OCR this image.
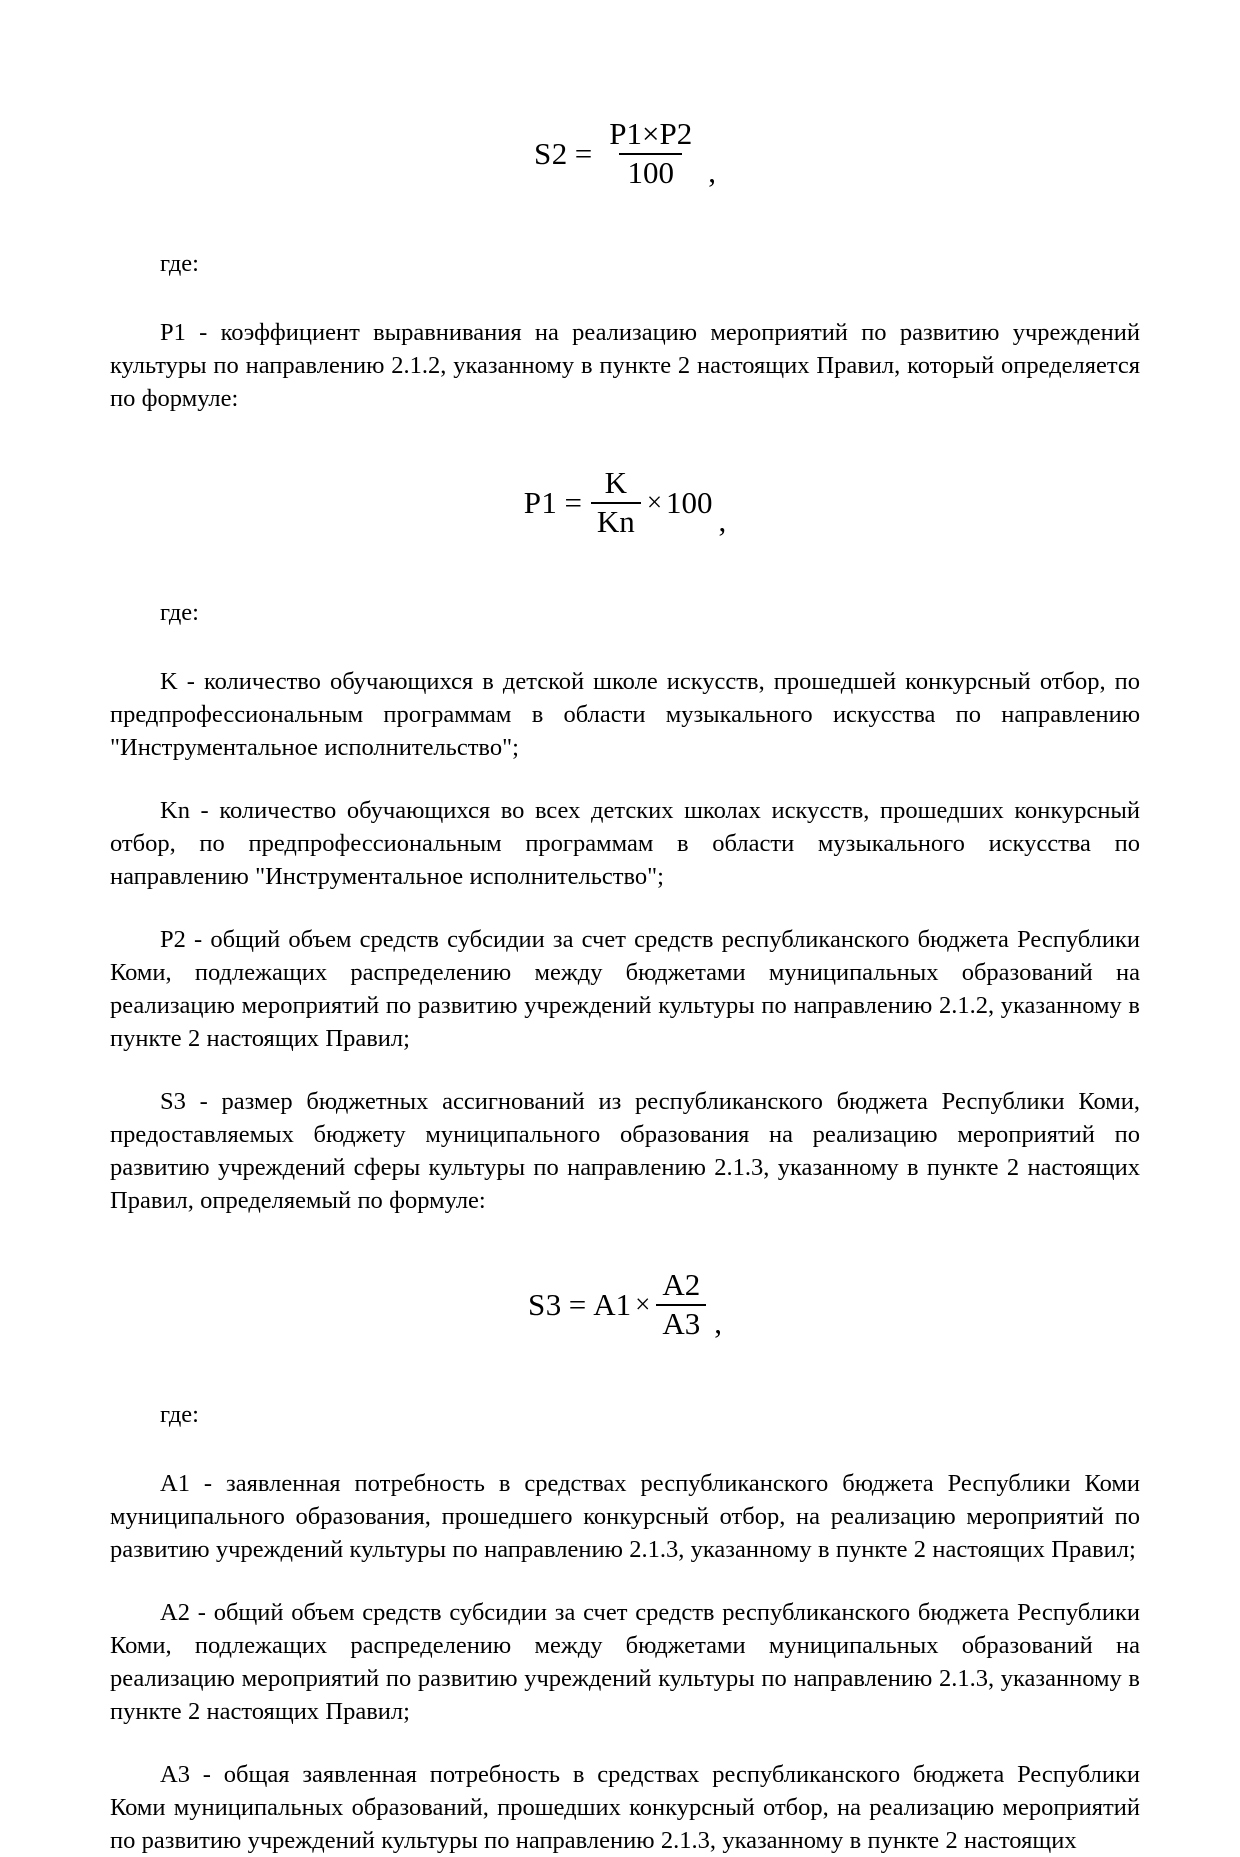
$S2 = \frac{P1\times P2}{100}$ ,

где:

P1 - коэффициент выравнивания на реализацию мероприятий по развитию учреждений культуры по направлению 2.1.2, указанному в пункте 2 настоящих Правил, который определяется по формуле:

$P1 = \frac{K}{Kn} \times 100$
,

где:

K - количество обучающихся в детской школе искусств, прошедшей конкурсный отбор, по предпрофессиональным программам в области музыкального искусства по направлению "Инструментальное исполнительство";

Kn - количество обучающихся во всех детских школах искусств, прошедших конкурсный отбор, по предпрофессиональным программам в области музыкального искусства по направлению "Инструментальное исполнительство";

P2 - общий объем средств субсидии за счет средств республиканского бюджета Республики Коми, подлежащих распределению между бюджетами муниципальных образований на реализацию мероприятий по развитию учреждений культуры по направлению 2.1.2, указанному в пункте 2 настоящих Правил;

S3 - размер бюджетных ассигнований из республиканского бюджета Республики Коми, предоставляемых бюджету муниципального образования на реализацию мероприятий по развитию учреждений сферы культуры по направлению 2.1.3, указанному в пункте 2 настоящих Правил, определяемый по формуле:

$S3 = A1 \times \frac{A2}{A3}$ ,

где:

A1 - заявленная потребность в средствах республиканского бюджета Республики Коми муниципального образования, прошедшего конкурсный отбор, на реализацию мероприятий по развитию учреждений культуры по направлению 2.1.3, указанному в пункте 2 настоящих Правил;

A2 - общий объем средств субсидии за счет средств республиканского бюджета Республики Коми, подлежащих распределению между бюджетами муниципальных образований на реализацию мероприятий по развитию учреждений культуры по направлению 2.1.3, указанному в пункте 2 настоящих Правил;

A3 - общая заявленная потребность в средствах республиканского бюджета Республики Коми муниципальных образований, прошедших конкурсный отбор, на реализацию мероприятий по развитию учреждений культуры по направлению 2.1.3, указанному в пункте 2 настоящих
